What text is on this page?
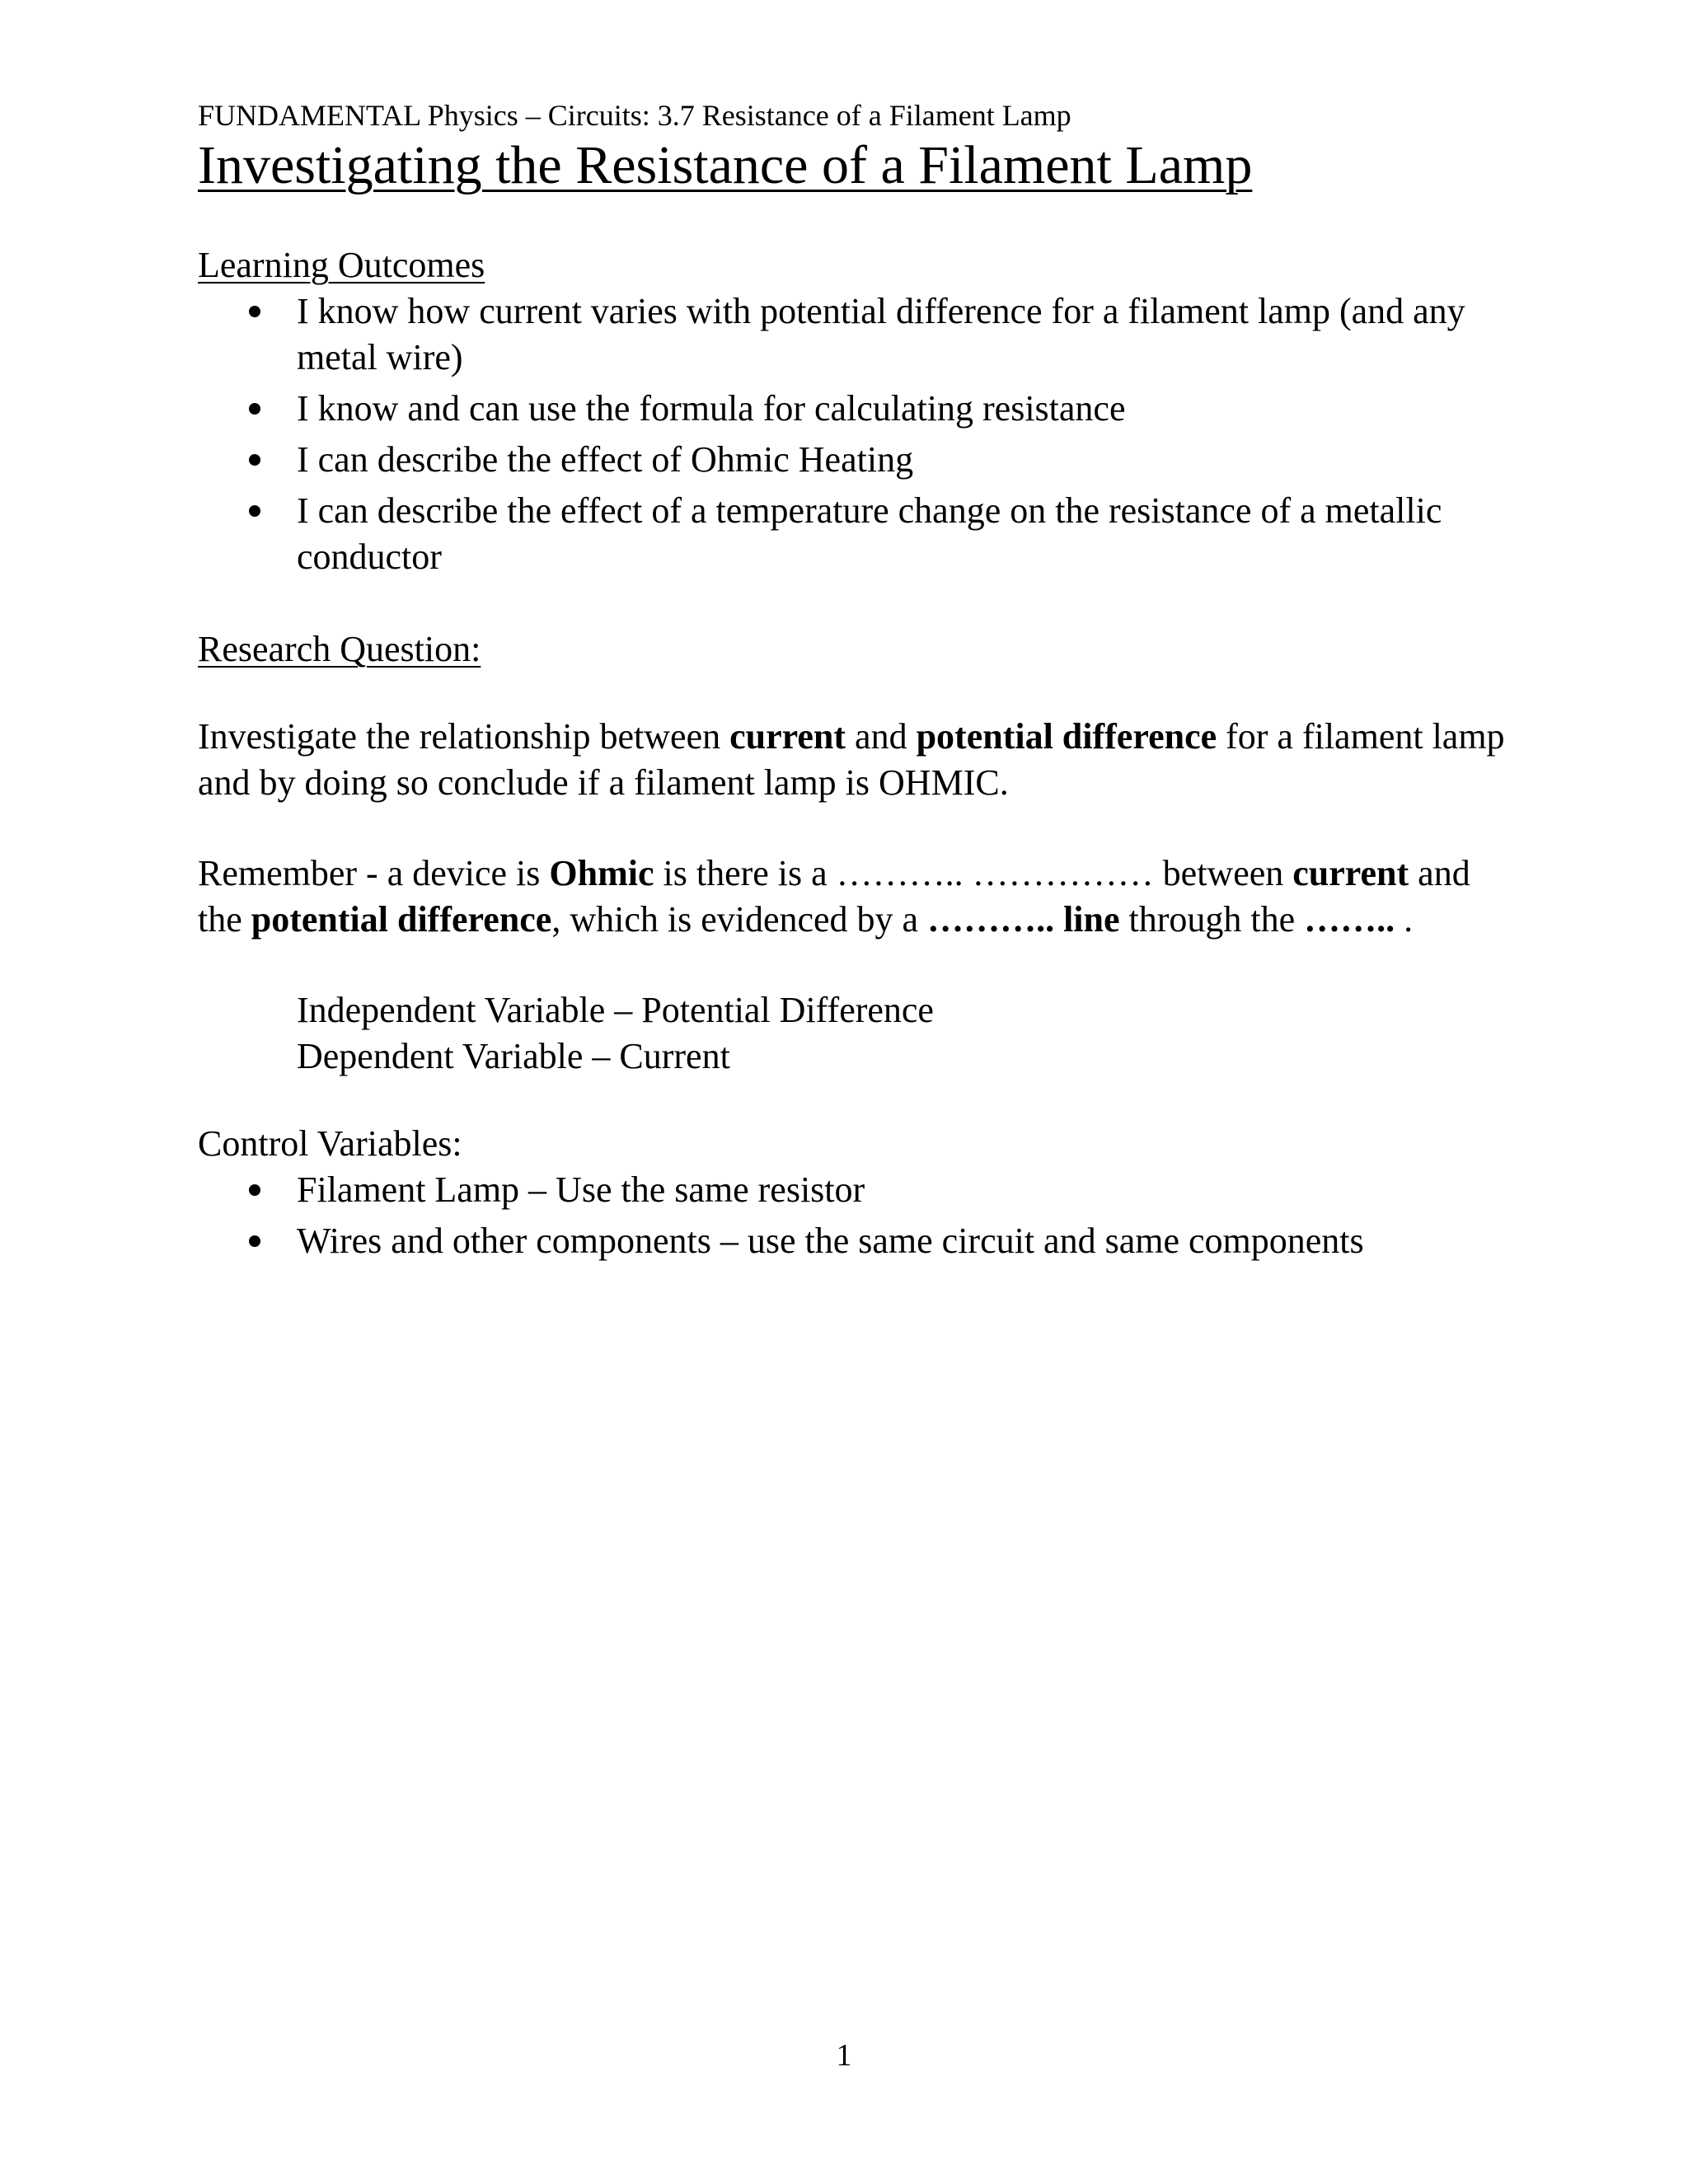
FUNDAMENTAL Physics – Circuits: 3.7 Resistance of a Filament Lamp

Investigating the Resistance of a Filament Lamp

Learning Outcomes

I know how current varies with potential difference for a filament lamp (and any metal wire)
I know and can use the formula for calculating resistance
I can describe the effect of Ohmic Heating
I can describe the effect of a temperature change on the resistance of a metallic conductor

Research Question:

Investigate the relationship between current and potential difference for a filament lamp and by doing so conclude if a filament lamp is OHMIC.

Remember - a device is Ohmic is there is a ……….. …………… between current and the potential difference, which is evidenced by a ……….. line through the …….. .

Independent Variable – Potential Difference

Dependent Variable – Current

Control Variables:

Filament Lamp – Use the same resistor
Wires and other components – use the same circuit and same components
1
